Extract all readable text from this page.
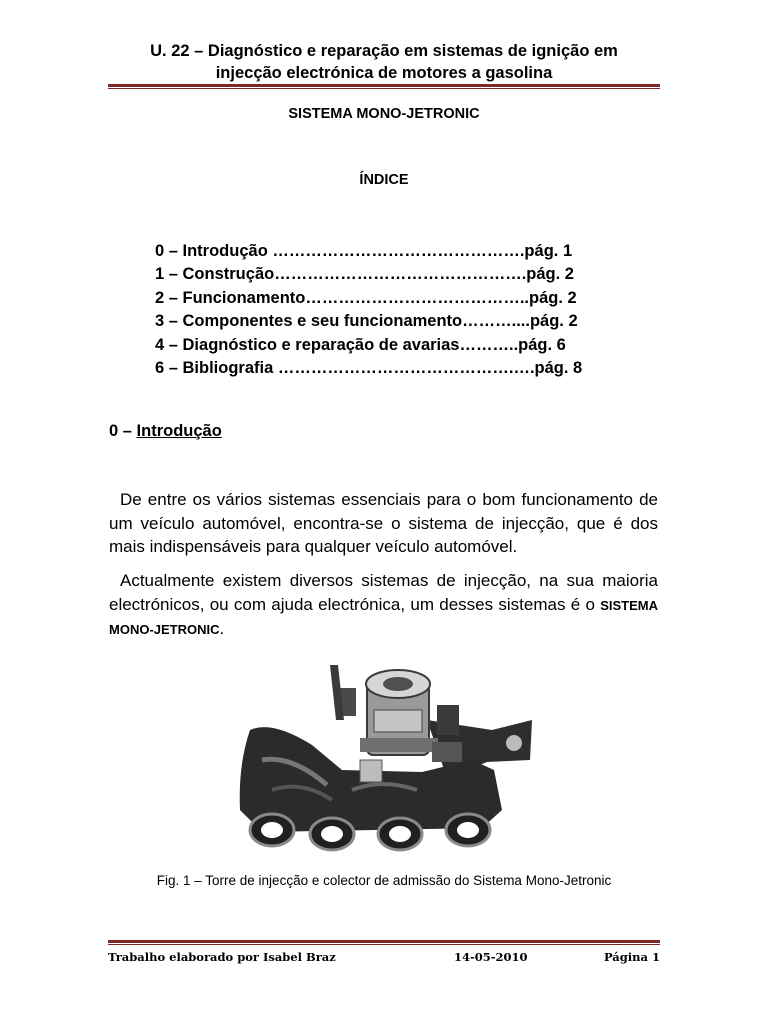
U. 22 – Diagnóstico e reparação em sistemas de ignição em
injecção electrónica de motores a gasolina
SISTEMA MONO-JETRONIC
ÍNDICE
0 – Introdução ……………………………………….pág. 1
1 – Construção……………………………………….pág. 2
2 – Funcionamento…………………………………..pág. 2
3 – Componentes e seu funcionamento………....pág. 2
4 – Diagnóstico e reparação de avarias………..pág. 6
6 – Bibliografia …………………………………….….pág. 8
0 – Introdução
De entre os vários sistemas essenciais para o bom funcionamento de um veículo automóvel, encontra-se o sistema de injecção, que é dos mais indispensáveis para qualquer veículo automóvel.
Actualmente existem diversos sistemas de injecção, na sua maioria electrónicos, ou com ajuda electrónica, um desses sistemas é o SISTEMA MONO-JETRONIC.
Fig. 1 – Torre de injecção e colector de admissão do Sistema Mono-Jetronic
Trabalho elaborado por Isabel Braz	14-05-2010	Página 1
